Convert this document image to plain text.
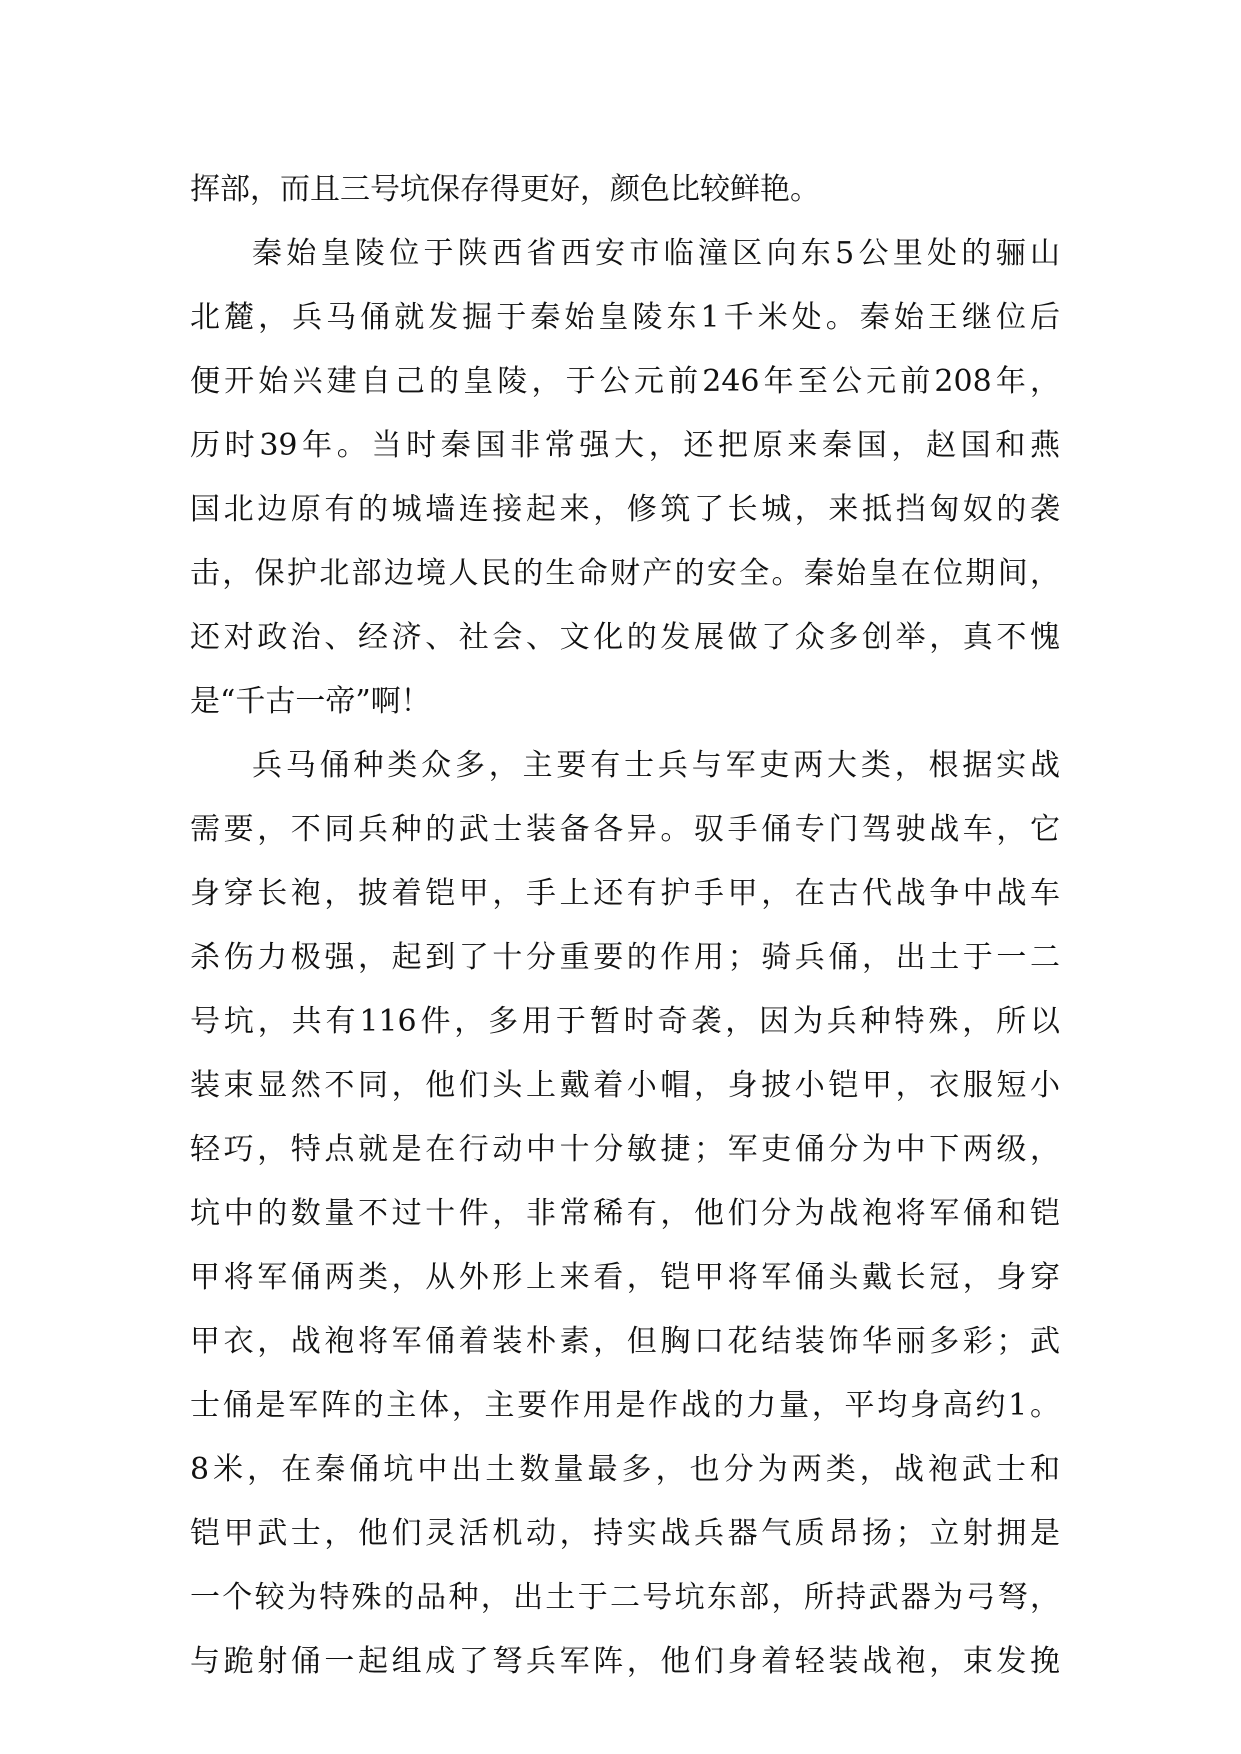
挥部，而且三号坑保存得更好，颜色比较鲜艳。
秦始皇陵位于陕西省西安市临潼区向东5公里处的骊山
北麓，兵马俑就发掘于秦始皇陵东1千米处。秦始王继位后
便开始兴建自己的皇陵，于公元前246年至公元前208年，
历时39年。当时秦国非常强大，还把原来秦国，赵国和燕
国北边原有的城墙连接起来，修筑了长城，来抵挡匈奴的袭
击，保护北部边境人民的生命财产的安全。秦始皇在位期间，
还对政治、经济、社会、文化的发展做了众多创举，真不愧
是“千古一帝”啊！
兵马俑种类众多，主要有士兵与军吏两大类，根据实战
需要，不同兵种的武士装备各异。驭手俑专门驾驶战车，它
身穿长袍，披着铠甲，手上还有护手甲，在古代战争中战车
杀伤力极强，起到了十分重要的作用；骑兵俑，出土于一二
号坑，共有116件，多用于暂时奇袭，因为兵种特殊，所以
装束显然不同，他们头上戴着小帽，身披小铠甲，衣服短小
轻巧，特点就是在行动中十分敏捷；军吏俑分为中下两级，
坑中的数量不过十件，非常稀有，他们分为战袍将军俑和铠
甲将军俑两类，从外形上来看，铠甲将军俑头戴长冠，身穿
甲衣，战袍将军俑着装朴素，但胸口花结装饰华丽多彩；武
士俑是军阵的主体，主要作用是作战的力量，平均身高约1。
8米，在秦俑坑中出土数量最多，也分为两类，战袍武士和
铠甲武士，他们灵活机动，持实战兵器气质昂扬；立射拥是
一个较为特殊的品种，出土于二号坑东部，所持武器为弓弩，
与跪射俑一起组成了弩兵军阵，他们身着轻装战袍，束发挽
